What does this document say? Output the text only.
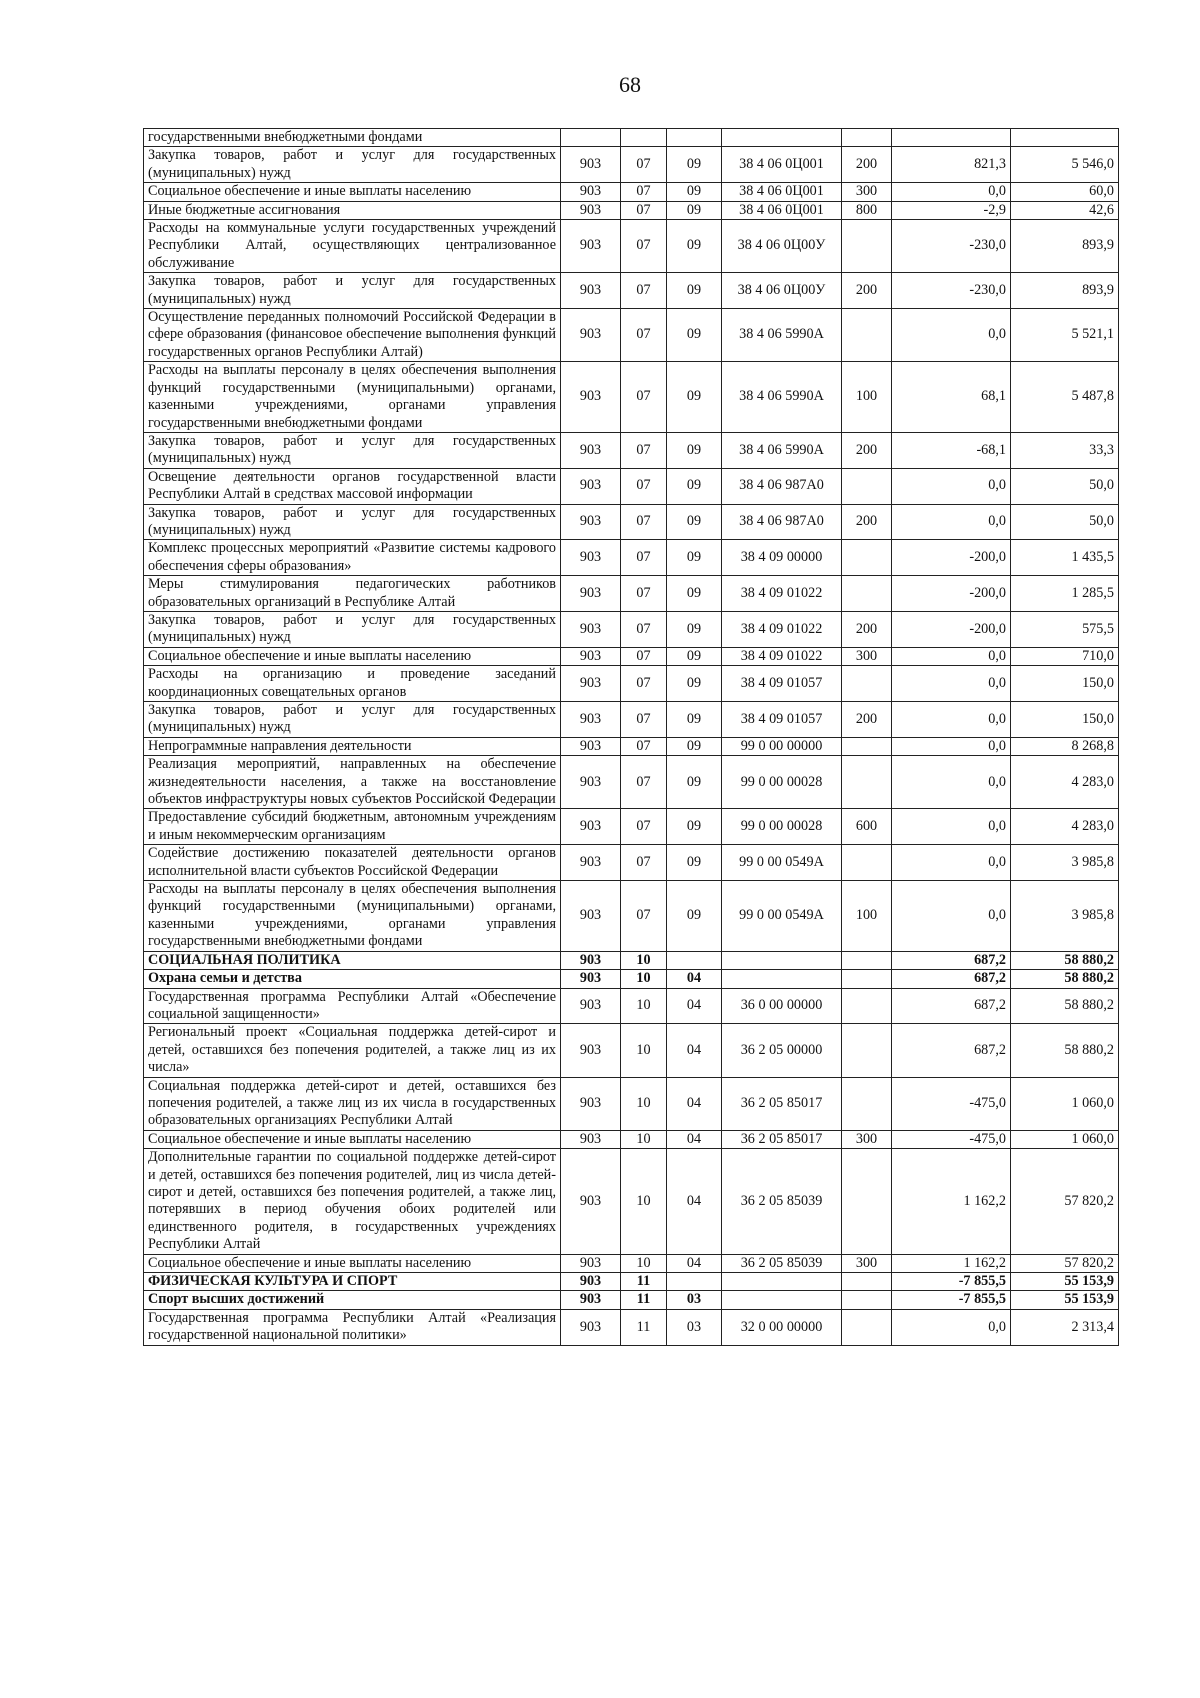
68
государственными внебюджетными фондами							
Закупка товаров, работ и услуг для государственных (муниципальных) нужд	903	07	09	38 4 06 0Ц001	200	821,3	5 546,0
Социальное обеспечение и иные выплаты населению	903	07	09	38 4 06 0Ц001	300	0,0	60,0
Иные бюджетные ассигнования	903	07	09	38 4 06 0Ц001	800	-2,9	42,6
Расходы на коммунальные услуги государственных учреждений Республики Алтай, осуществляющих централизованное обслуживание	903	07	09	38 4 06 0Ц00У		-230,0	893,9
Закупка товаров, работ и услуг для государственных (муниципальных) нужд	903	07	09	38 4 06 0Ц00У	200	-230,0	893,9
Осуществление переданных полномочий Российской Федерации в сфере образования (финансовое обеспечение выполнения функций государственных органов Республики Алтай)	903	07	09	38 4 06 5990А		0,0	5 521,1
Расходы на выплаты персоналу в целях обеспечения выполнения функций государственными (муниципальными) органами, казенными учреждениями, органами управления государственными внебюджетными фондами	903	07	09	38 4 06 5990А	100	68,1	5 487,8
Закупка товаров, работ и услуг для государственных (муниципальных) нужд	903	07	09	38 4 06 5990А	200	-68,1	33,3
Освещение деятельности органов государственной власти Республики Алтай в средствах массовой информации	903	07	09	38 4 06 987А0		0,0	50,0
Закупка товаров, работ и услуг для государственных (муниципальных) нужд	903	07	09	38 4 06 987А0	200	0,0	50,0
Комплекс процессных мероприятий «Развитие системы кадрового обеспечения сферы образования»	903	07	09	38 4 09 00000		-200,0	1 435,5
Меры стимулирования педагогических работников образовательных организаций в Республике Алтай	903	07	09	38 4 09 01022		-200,0	1 285,5
Закупка товаров, работ и услуг для государственных (муниципальных) нужд	903	07	09	38 4 09 01022	200	-200,0	575,5
Социальное обеспечение и иные выплаты населению	903	07	09	38 4 09 01022	300	0,0	710,0
Расходы на организацию и проведение заседаний координационных совещательных органов	903	07	09	38 4 09 01057		0,0	150,0
Закупка товаров, работ и услуг для государственных (муниципальных) нужд	903	07	09	38 4 09 01057	200	0,0	150,0
Непрограммные направления деятельности	903	07	09	99 0 00 00000		0,0	8 268,8
Реализация мероприятий, направленных на обеспечение жизнедеятельности населения, а также на восстановление объектов инфраструктуры новых субъектов Российской Федерации	903	07	09	99 0 00 00028		0,0	4 283,0
Предоставление субсидий бюджетным, автономным учреждениям и иным некоммерческим организациям	903	07	09	99 0 00 00028	600	0,0	4 283,0
Содействие достижению показателей деятельности органов исполнительной власти субъектов Российской Федерации	903	07	09	99 0 00 0549А		0,0	3 985,8
Расходы на выплаты персоналу в целях обеспечения выполнения функций государственными (муниципальными) органами, казенными учреждениями, органами управления государственными внебюджетными фондами	903	07	09	99 0 00 0549А	100	0,0	3 985,8
СОЦИАЛЬНАЯ ПОЛИТИКА	903	10				687,2	58 880,2
Охрана семьи и детства	903	10	04			687,2	58 880,2
Государственная программа Республики Алтай «Обеспечение социальной защищенности»	903	10	04	36 0 00 00000		687,2	58 880,2
Региональный проект «Социальная поддержка детей-сирот и детей, оставшихся без попечения родителей, а также лиц из их числа»	903	10	04	36 2 05 00000		687,2	58 880,2
Социальная поддержка детей-сирот и детей, оставшихся без попечения родителей, а также лиц из их числа в государственных образовательных организациях Республики Алтай	903	10	04	36 2 05 85017		-475,0	1 060,0
Социальное обеспечение и иные выплаты населению	903	10	04	36 2 05 85017	300	-475,0	1 060,0
Дополнительные гарантии по социальной поддержке детей-сирот и детей, оставшихся без попечения родителей, лиц из числа детей-сирот и детей, оставшихся без попечения родителей, а также лиц, потерявших в период обучения обоих родителей или единственного родителя, в государственных учреждениях Республики Алтай	903	10	04	36 2 05 85039		1 162,2	57 820,2
Социальное обеспечение и иные выплаты населению	903	10	04	36 2 05 85039	300	1 162,2	57 820,2
ФИЗИЧЕСКАЯ КУЛЬТУРА И СПОРТ	903	11				-7 855,5	55 153,9
Спорт высших достижений	903	11	03			-7 855,5	55 153,9
Государственная программа Республики Алтай «Реализация государственной национальной политики»	903	11	03	32 0 00 00000		0,0	2 313,4
